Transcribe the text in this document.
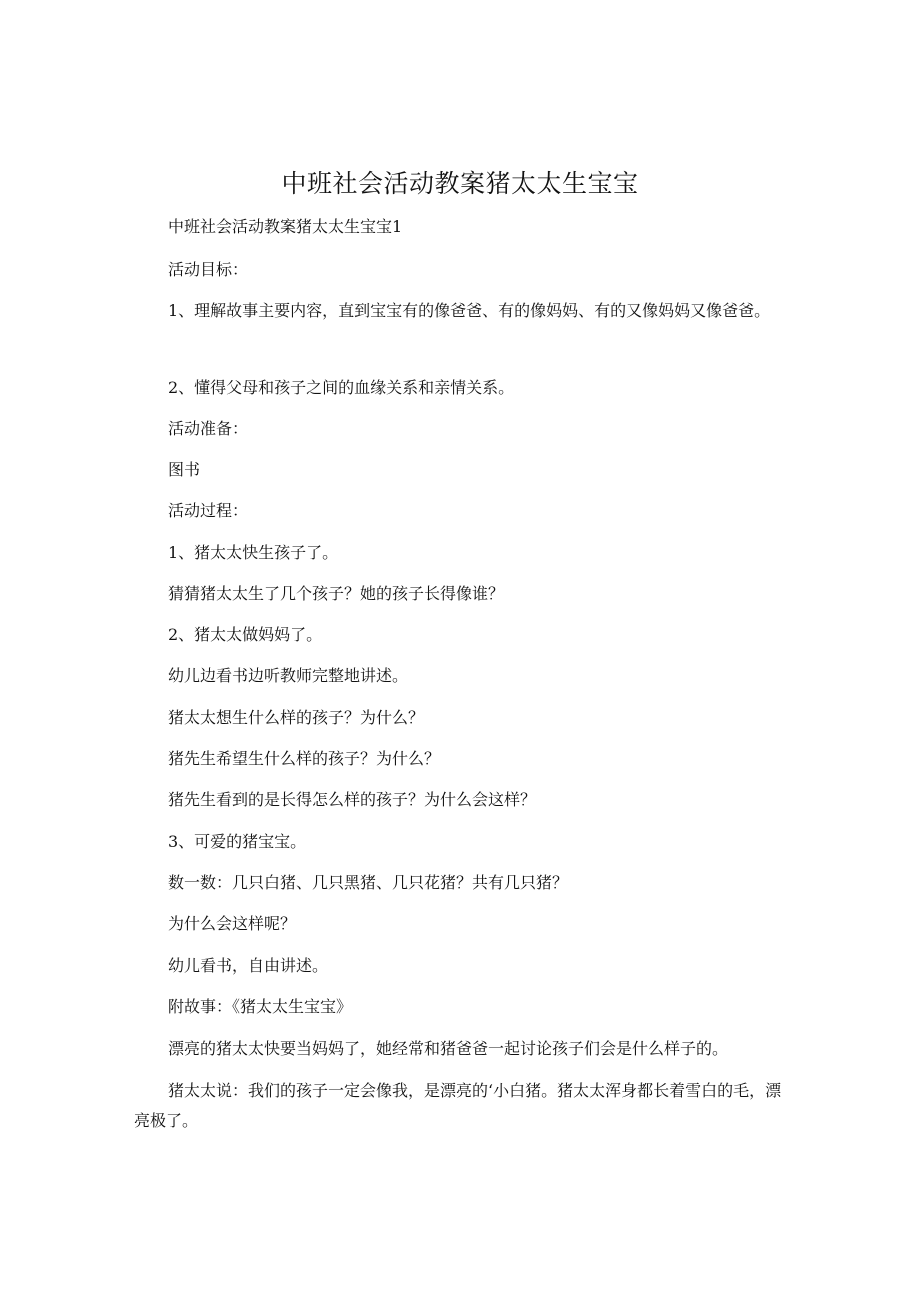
中班社会活动教案猪太太生宝宝

中班社会活动教案猪太太生宝宝1

活动目标：

1、理解故事主要内容，直到宝宝有的像爸爸、有的像妈妈、有的又像妈妈又像爸爸。

2、懂得父母和孩子之间的血缘关系和亲情关系。

活动准备：

图书

活动过程：

1、猪太太快生孩子了。

猜猜猪太太生了几个孩子？她的孩子长得像谁？

2、猪太太做妈妈了。

幼儿边看书边听教师完整地讲述。

猪太太想生什么样的孩子？为什么？

猪先生希望生什么样的孩子？为什么？

猪先生看到的是长得怎么样的孩子？为什么会这样？

3、可爱的猪宝宝。

数一数：几只白猪、几只黑猪、几只花猪？共有几只猪？

为什么会这样呢？

幼儿看书，自由讲述。

附故事：《猪太太生宝宝》

漂亮的猪太太快要当妈妈了，她经常和猪爸爸一起讨论孩子们会是什么样子的。

猪太太说：我们的孩子一定会像我，是漂亮的‘小白猪。猪太太浑身都长着雪白的毛，漂亮极了。
